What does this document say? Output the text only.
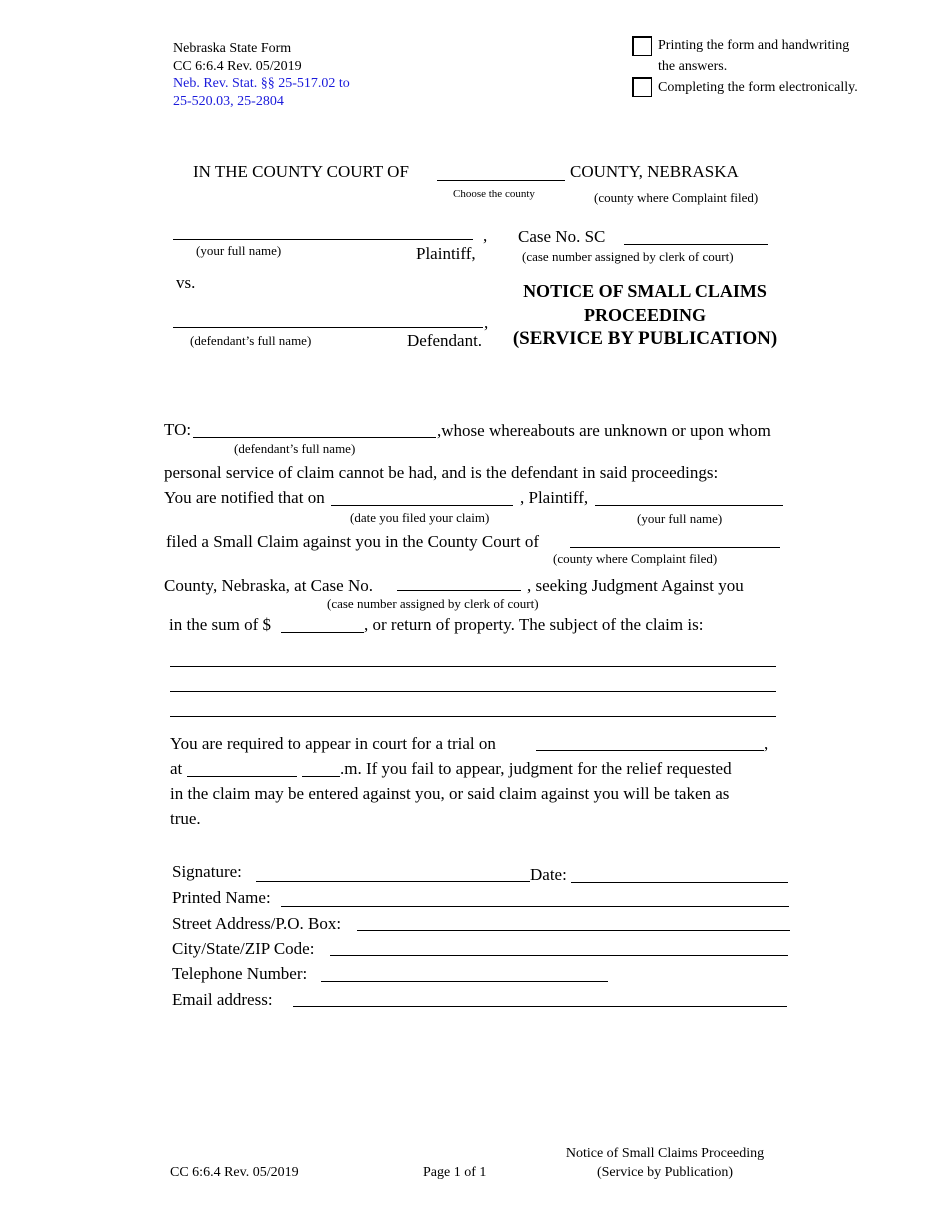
Nebraska State Form
CC 6:6.4 Rev. 05/2019
Neb. Rev. Stat. §§ 25-517.02 to
25-520.03, 25-2804
Printing the form and handwriting
the answers.
Completing the form electronically.
IN THE COUNTY COURT OF	COUNTY, NEBRASKA
Choose the county	(county where Complaint filed)
,
(your full name)	Plaintiff,
Case No. SC
(case number assigned by clerk of court)
vs.
,
(defendant’s full name)	Defendant.
NOTICE OF SMALL CLAIMS
PROCEEDING
(SERVICE BY PUBLICATION)
TO:	,whose whereabouts are unknown or upon whom
(defendant’s full name)
personal service of claim cannot be had, and is the defendant in said proceedings:
You are notified that on	, Plaintiff,
(date you filed your claim)	(your full name)
filed a Small Claim against you in the County Court of
(county where Complaint filed)
County, Nebraska, at Case No.	, seeking Judgment Against you
(case number assigned by clerk of court)
in the sum of $	, or return of property. The subject of the claim is:
You are required to appear in court for a trial on	,
at	.m. If you fail to appear, judgment for the relief requested
in the claim may be entered against you, or said claim against you will be taken as
true.
Signature:	Date:
Printed Name:
Street Address/P.O. Box:
City/State/ZIP Code:
Telephone Number:
Email address:
CC 6:6.4 Rev. 05/2019	Page 1 of 1
Notice of Small Claims Proceeding
(Service by Publication)
